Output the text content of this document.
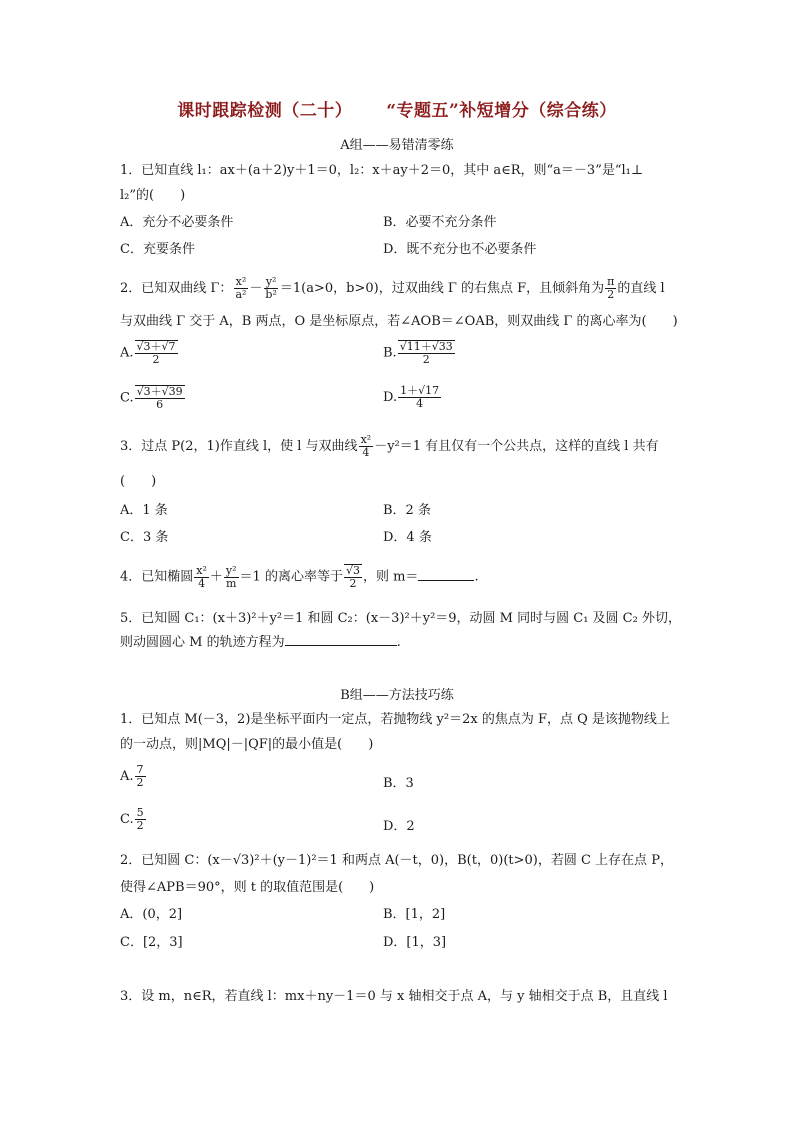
课时跟踪检测（二十） “专题五”补短增分（综合练）
A组——易错清零练
1．已知直线 l₁：ax＋(a＋2)y＋1＝0，l₂：x＋ay＋2＝0，其中 a∈R，则“a＝－3”是“l₁⊥
l₂”的(　　)
A．充分不必要条件	B．必要不充分条件
C．充要条件	D．既不充分也不必要条件
2．已知双曲线 Γ： $\frac{\text{x²}}{\text{a²}} - \frac{\text{y²}}{\text{b²}} =1(a>0$，b>0)，过双曲线 Γ 的右焦点 F，且倾斜角为 $\frac{\pi}{2}$ 的直线 l
与双曲线 Γ 交于 A，B 两点，O 是坐标原点，若∠AOB＝∠OAB，则双曲线 Γ 的离心率为(　　)
A. $\frac{√3+√7}{2}$	B. $\frac{√11+√33}{2}$
C. $\frac{√3+√39}{6}$	D. $\frac{1+√17}{4}$
3．过点 P(2，1)作直线 l，使 l 与双曲线 $\frac{\text{x²}}{4} -y^2=1$ 有且仅有一个公共点，这样的直线 l 共有
(　　)
A．1 条	B．2 条
C．3 条	D．4 条
4．已知椭圆 $\frac{\text{x²}}{4} + \frac{\text{y²}}{m} =1$ 的离心率等于 $\frac{√3}{2}$ ，则 m＝	.
5．已知圆 C₁：(x＋3)²＋y²＝1 和圆 C₂：(x－3)²＋y²＝9，动圆 M 同时与圆 C₁ 及圆 C₂ 外切，
则动圆圆心 M 的轨迹方程为	.
B组——方法技巧练
1．已知点 M(－3，2)是坐标平面内一定点，若抛物线 y²＝2x 的焦点为 F，点 Q 是该抛物线上
的一动点，则|MQ|－|QF|的最小值是(　　)
A. $\frac{7}{2}$	B．3
C. $\frac{5}{2}$	D．2
2．已知圆 C：(x－√3)²＋(y－1)²＝1 和两点 A(－t，0)，B(t，0)(t>0)，若圆 C 上存在点 P，
使得∠APB＝90°，则 t 的取值范围是(　　)
A．(0，2]	B．[1，2]
C．[2，3]	D．[1，3]
3．设 m，n∈R，若直线 l：mx＋ny－1＝0 与 x 轴相交于点 A，与 y 轴相交于点 B，且直线 l
